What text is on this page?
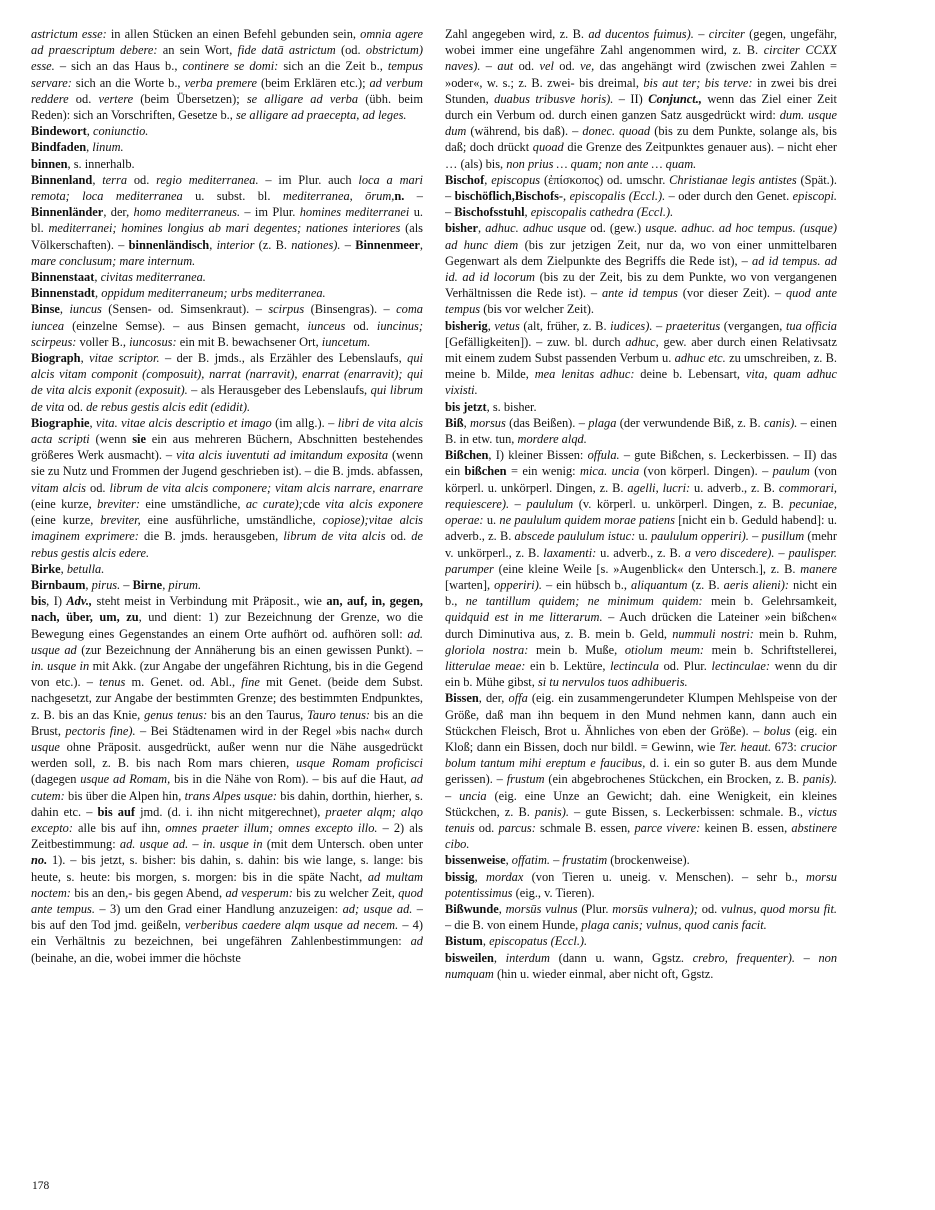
astrictum esse: in allen Stücken an einen Befehl gebunden sein, omnia agere ad praescriptum debere: an sein Wort, fide datā astrictum (od. obstrictum) esse. – sich an das Haus b., continere se domi: sich an die Zeit b., tempus servare: sich an die Worte b., verba premere (beim Erklären etc.); ad verbum reddere od. vertere (beim Übersetzen); se alligare ad verba (übh. beim Reden): sich an Vorschriften, Gesetze b., se alligare ad praecepta, ad leges.

Bindewort, coniunctio.

Bindfaden, linum.

binnen, s. innerhalb.

Binnenland, terra od. regio mediterranea. – im Plur. auch loca a mari remota; loca mediterranea u. subst. bl. mediterranea, ōrum,n. – Binnenländer, der, homo mediterraneus. – im Plur. homines mediterranei u. bl. mediterranei; homines longius ab mari degentes; nationes interiores (als Völkerschaften). – binnenländisch, interior (z. B. nationes). – Binnenmeer, mare conclusum; mare internum.

Binnenstaat, civitas mediterranea.

Binnenstadt, oppidum mediterraneum; urbs mediterranea.

Binse, iuncus (Sensen- od. Simsenkraut). – scirpus (Binsengras). – coma iuncea (einzelne Semse). – aus Binsen gemacht, iunceus od. iuncinus; scirpeus: voller B., iuncosus: ein mit B. bewachsener Ort, iuncetum.

Biograph, vitae scriptor. – der B. jmds., als Erzähler des Lebenslaufs, qui alcis vitam componit (composuit), narrat (narravit), enarrat (enarravit); qui de vita alcis exponit (exposuit). – als Herausgeber des Lebenslaufs, qui librum de vita od. de rebus gestis alcis edit (edidit).

Biographie, vita. vitae alcis descriptio et imago (im allg.). – libri de vita alcis acta scripti (wenn sie ein aus mehreren Büchern, Abschnitten bestehendes größeres Werk ausmacht). – vita alcis iuventuti ad imitandum exposita (wenn sie zu Nutz und Frommen der Jugend geschrieben ist). – die B. jmds. abfassen, vitam alcis od. librum de vita alcis componere; vitam alcis narrare, enarrare (eine kurze, breviter: eine umständliche, ac curate);cde vita alcis exponere (eine kurze, breviter, eine ausführliche, umständliche, copiose);vitae alcis imaginem exprimere: die B. jmds. herausgeben, librum de vita alcis od. de rebus gestis alcis edere.

Birke, betulla.

Birnbaum, pirus. – Birne, pirum.

bis, I) Adv., steht meist in Verbindung mit Präposit., wie an, auf, in, gegen, nach, über, um, zu, und dient: 1) zur Bezeichnung der Grenze, wo die Bewegung eines Gegenstandes an einem Orte aufhört od. aufhören soll: ad. usque ad (zur Bezeichnung der Annäherung bis an einen gewissen Punkt). – in. usque in mit Akk. (zur Angabe der ungefähren Richtung, bis in die Gegend von etc.). – tenus m. Genet. od. Abl., fine mit Genet. (beide dem Subst. nachgesetzt, zur Angabe der bestimmten Grenze; des bestimmten Endpunktes, z. B. bis an das Knie, genus tenus: bis an den Taurus, Tauro tenus: bis an die Brust, pectoris fine). – Bei Städtenamen wird in der Regel »bis nach« durch usque ohne Präposit. ausgedrückt, außer wenn nur die Nähe ausgedrückt werden soll, z. B. bis nach Rom mars chieren, usque Romam proficisci (dagegen usque ad Romam, bis in die Nähe von Rom). – bis auf die Haut, ad cutem: bis über die Alpen hin, trans Alpes usque: bis dahin, dorthin, hierher, s. dahin etc. – bis auf jmd. (d. i. ihn nicht mitgerechnet), praeter alqm; alqo excepto: alle bis auf ihn, omnes praeter illum; omnes excepto illo. – 2) als Zeitbestimmung: ad. usque ad. – in. usque in (mit dem Untersch. oben unter no. 1). – bis jetzt, s. bisher: bis dahin, s. dahin: bis wie lange, s. lange: bis heute, s. heute: bis morgen, s. morgen: bis in die späte Nacht, ad multam noctem: bis an den,- bis gegen Abend, ad vesperum: bis zu welcher Zeit, quod ante tempus. – 3) um den Grad einer Handlung anzuzeigen: ad; usque ad. – bis auf den Tod jmd. geißeln, verberibus caedere alqm usque ad necem. – 4) ein Verhältnis zu bezeichnen, bei ungefähren Zahlenbestimmungen: ad (beinahe, an die, wobei immer die höchste

Zahl angegeben wird, z. B. ad ducentos fuimus). – circiter (gegen, ungefähr, wobei immer eine ungefähre Zahl angenommen wird, z. B. circiter CCXX naves). – aut od. vel od. ve, das angehängt wird (zwischen zwei Zahlen = »oder«, w. s.; z. B. zwei- bis dreimal, bis aut ter; bis terve: in zwei bis drei Stunden, duabus tribusve horis). – II) Conjunct., wenn das Ziel einer Zeit durch ein Verbum od. durch einen ganzen Satz ausgedrückt wird: dum. usque dum (während, bis daß). – donec. quoad (bis zu dem Punkte, solange als, bis daß; doch drückt quoad die Grenze des Zeitpunktes genauer aus). – nicht eher … (als) bis, non prius … quam; non ante … quam.

Bischof, episcopus (ἐπίσκοπος) od. umschr. Christianae legis antistes (Spät.). – bischöflich,Bischofs-, episcopalis (Eccl.). – oder durch den Genet. episcopi. – Bischofsstuhl, episcopalis cathedra (Eccl.).

bisher, adhuc. adhuc usque od. (gew.) usque. adhuc. ad hoc tempus. (usque) ad hunc diem (bis zur jetzigen Zeit, nur da, wo von einer unmittelbaren Gegenwart als dem Zielpunkte des Begriffs die Rede ist), – ad id tempus. ad id. ad id locorum (bis zu der Zeit, bis zu dem Punkte, wo von vergangenen Verhältnissen die Rede ist). – ante id tempus (vor dieser Zeit). – quod ante tempus (bis vor welcher Zeit).

bisherig, vetus (alt, früher, z. B. iudices). – praeteritus (vergangen, tua officia [Gefälligkeiten]). – zuw. bl. durch adhuc, gew. aber durch einen Relativsatz mit einem zudem Subst passenden Verbum u. adhuc etc. zu umschreiben, z. B. meine b. Milde, mea lenitas adhuc: deine b. Lebensart, vita, quam adhuc vixisti.

bis jetzt, s. bisher.

Biß, morsus (das Beißen). – plaga (der verwundende Biß, z. B. canis). – einen B. in etw. tun, mordere alqd.

Bißchen, I) kleiner Bissen: offula. – gute Bißchen, s. Leckerbissen. – II) das ein bißchen = ein wenig: mica. uncia (von körperl. Dingen). – paulum (von körperl. u. unkörperl. Dingen, z. B. agelli, lucri: u. adverb., z. B. commorari, requiescere). – paululum (v. körperl. u. unkörperl. Dingen, z. B. pecuniae, operae: u. ne paululum quidem morae patiens [nicht ein b. Geduld habend]: u. adverb., z. B. abscede paululum istuc: u. paululum opperiri). – pusillum (mehr v. unkörperl., z. B. laxamenti: u. adverb., z. B. a vero discedere). – paulisper. parumper (eine kleine Weile [s. »Augenblick« den Untersch.], z. B. manere [warten], opperiri). – ein hübsch b., aliquantum (z. B. aeris alieni): nicht ein b., ne tantillum quidem; ne minimum quidem: mein b. Gelehrsamkeit, quidquid est in me litterarum. – Auch drücken die Lateiner »ein bißchen« durch Diminutiva aus, z. B. mein b. Geld, nummuli nostri: mein b. Ruhm, gloriola nostra: mein b. Muße, otiolum meum: mein b. Schriftstellerei, litterulae meae: ein b. Lektüre, lectincula od. Plur. lectinculae: wenn du dir ein b. Mühe gibst, si tu nervulos tuos adhibueris.

Bissen, der, offa (eig. ein zusammengerundeter Klumpen Mehlspeise von der Größe, daß man ihn bequem in den Mund nehmen kann, dann auch ein Stückchen Fleisch, Brot u. Ähnliches von eben der Größe). – bolus (eig. ein Kloß; dann ein Bissen, doch nur bildl. = Gewinn, wie Ter. heaut. 673: crucior bolum tantum mihi ereptum e faucibus, d. i. ein so guter B. aus dem Munde gerissen). – frustum (ein abgebrochenes Stückchen, ein Brocken, z. B. panis). – uncia (eig. eine Unze an Gewicht; dah. eine Wenigkeit, ein kleines Stückchen, z. B. panis). – gute Bissen, s. Leckerbissen: schmale. B., victus tenuis od. parcus: schmale B. essen, parce vivere: keinen B. essen, abstinere cibo.

bissenweise, offatim. – frustatim (brockenweise).

bissig, mordax (von Tieren u. uneig. v. Menschen). – sehr b., morsu potentissimus (eig., v. Tieren).

Bißwunde, morsūs vulnus (Plur. morsūs vulnera); od. vulnus, quod morsu fit. – die B. von einem Hunde, plaga canis; vulnus, quod canis facit.

Bistum, episcopatus (Eccl.).

bisweilen, interdum (dann u. wann, Ggstz. crebro, frequenter). – non numquam (hin u. wieder einmal, aber nicht oft, Ggstz.

178
